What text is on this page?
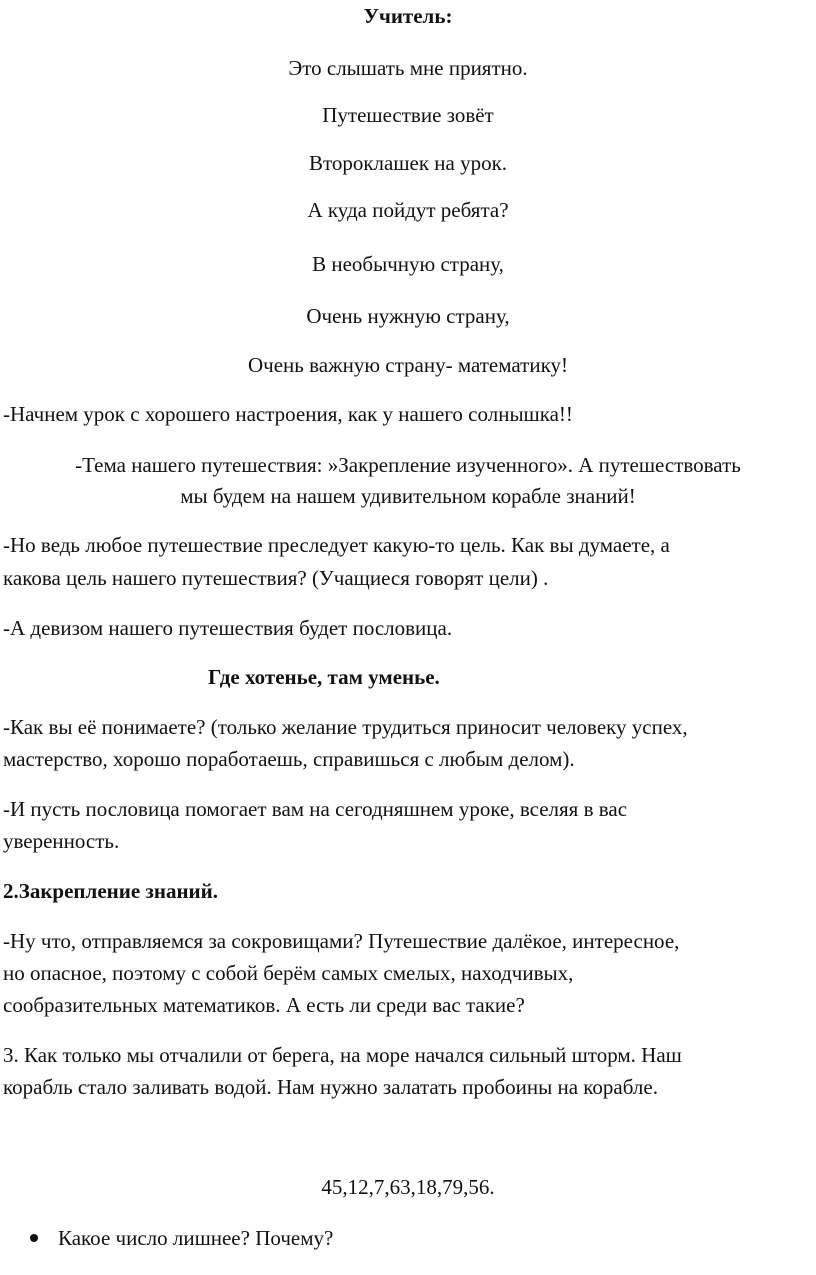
Учитель:
Это слышать мне приятно.
Путешествие зовёт
Второклашек на урок.
А куда пойдут ребята?
В необычную страну,
Очень нужную страну,
Очень важную страну- математику!
-Начнем урок с хорошего настроения, как у нашего солнышка!!
-Тема нашего путешествия: »Закрепление изученного». А путешествовать
мы будем на нашем удивительном корабле знаний!
-Но ведь любое путешествие преследует какую-то цель. Как вы думаете, а
какова цель нашего путешествия? (Учащиеся говорят цели) .
-А девизом нашего путешествия будет пословица.
Где хотенье, там уменье.
-Как вы её понимаете? (только желание трудиться приносит человеку успех,
мастерство, хорошо поработаешь, справишься с любым делом).
-И пусть пословица помогает вам на сегодняшнем уроке, вселяя в вас
уверенность.
2.Закрепление знаний.
-Ну что, отправляемся за сокровищами? Путешествие далёкое, интересное,
но опасное, поэтому с собой берём самых смелых, находчивых,
сообразительных математиков. А есть ли среди вас такие?
3. Как только мы отчалили от берега, на море начался сильный шторм. Наш
корабль стало заливать водой. Нам нужно залатать пробоины на корабле.
45,12,7,63,18,79,56.
Какое число лишнее? Почему?
